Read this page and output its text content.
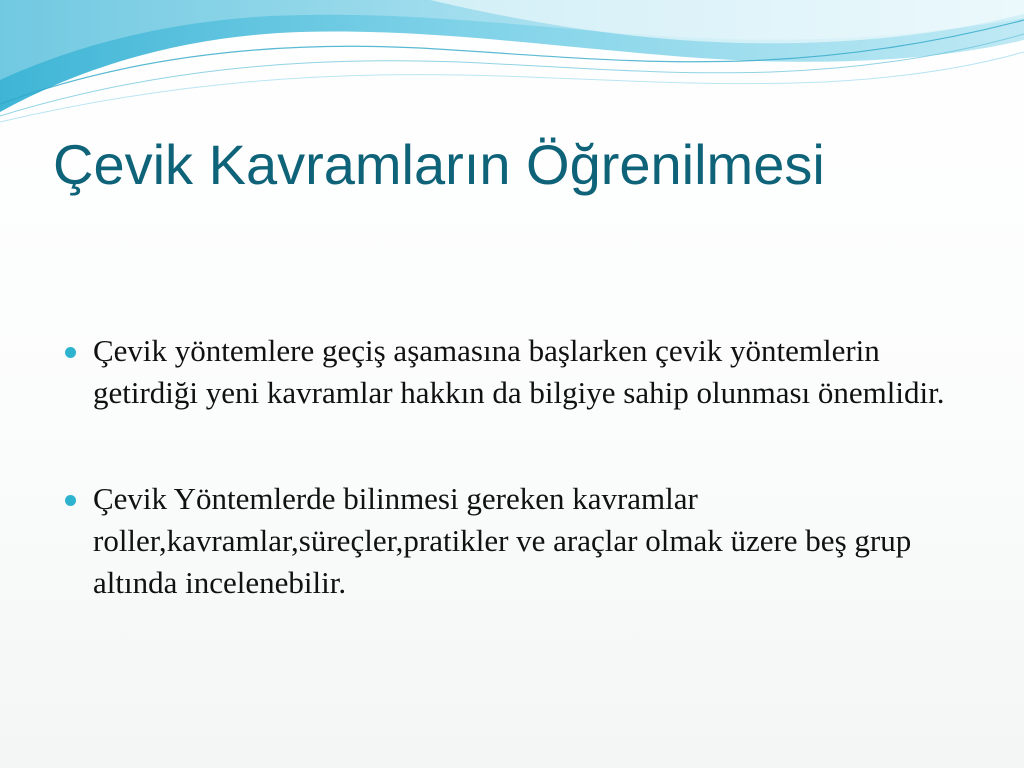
Çevik Kavramların Öğrenilmesi
Çevik yöntemlere geçiş aşamasına başlarken çevik yöntemlerin getirdiği yeni kavramlar hakkın da bilgiye sahip olunması önemlidir.
Çevik Yöntemlerde bilinmesi gereken kavramlar roller,kavramlar,süreçler,pratikler ve araçlar olmak üzere beş grup altında incelenebilir.
